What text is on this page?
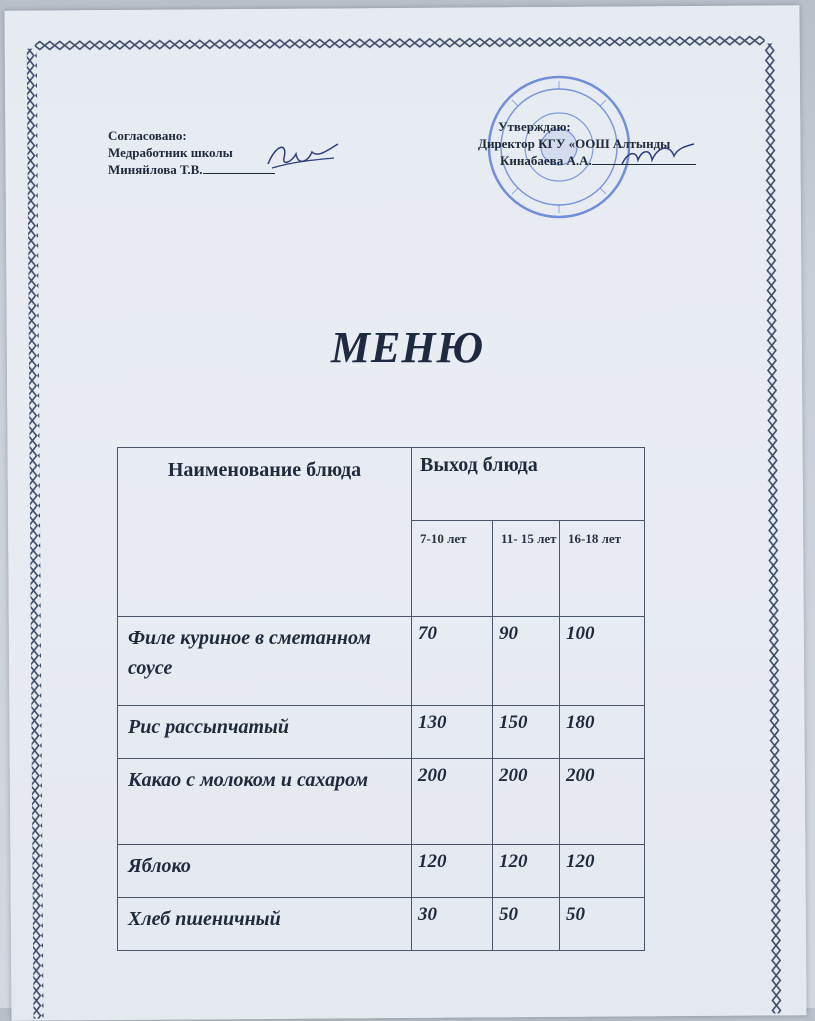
Согласовано:
Медработник школы
Миняйлова Т.В.
Утверждаю:
Директор КГУ «ООШ Алтынды
Кинабаева А.А.
МЕНЮ
Наименование блюда	Выход блюда		
	7-10 лет	11- 15 лет	16-18 лет
Филе куриное в сметанном соусе	70	90	100
Рис рассыпчатый	130	150	180
Какао с молоком и сахаром	200	200	200
Яблоко	120	120	120
Хлеб пшеничный	30	50	50
